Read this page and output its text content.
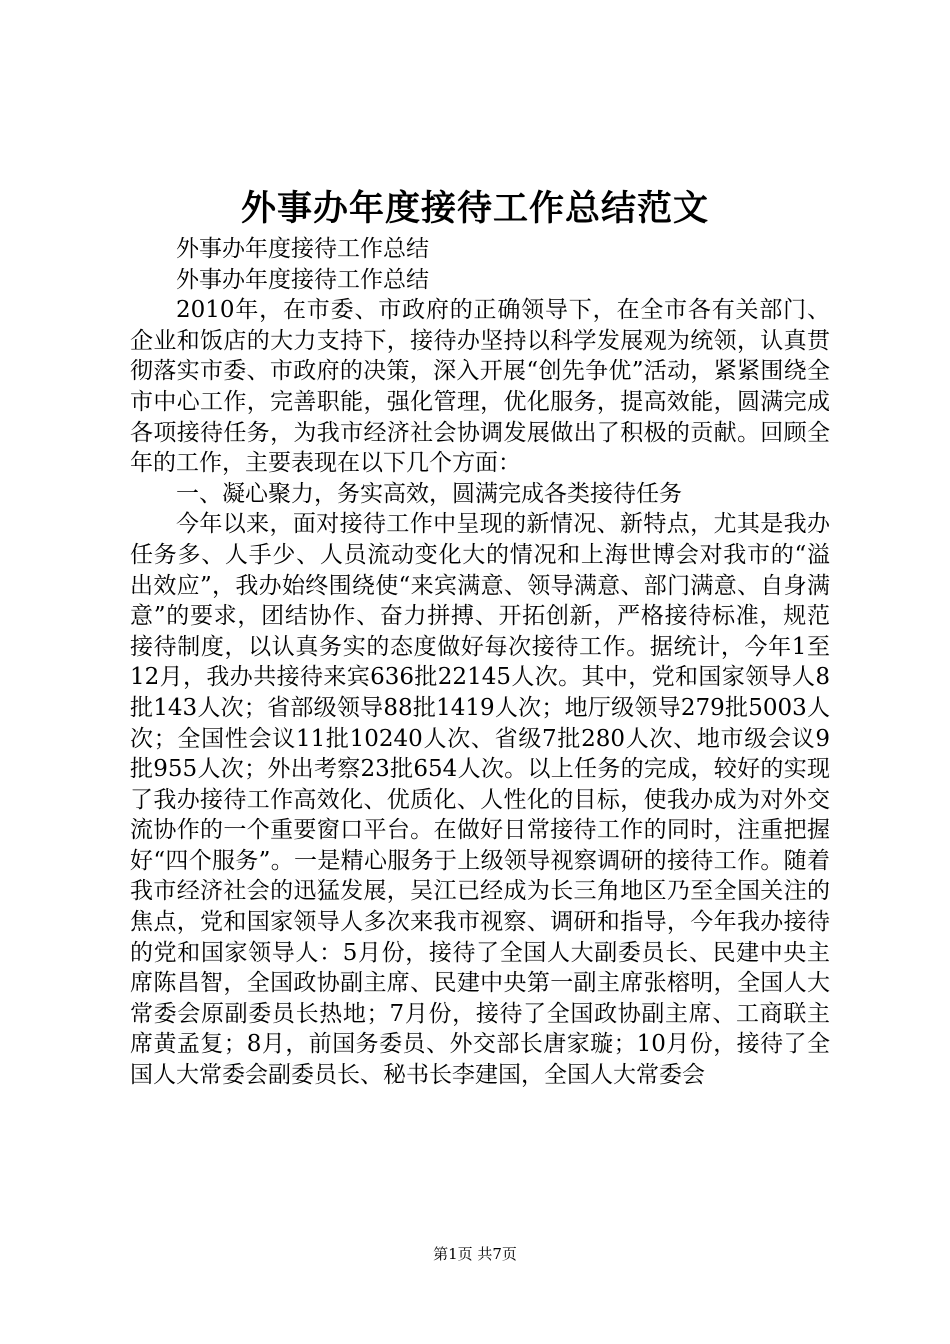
外事办年度接待工作总结范文

外事办年度接待工作总结

外事办年度接待工作总结

2010年，在市委、市政府的正确领导下，在全市各有关部门、企业和饭店的大力支持下，接待办坚持以科学发展观为统领，认真贯彻落实市委、市政府的决策，深入开展“创先争优”活动，紧紧围绕全市中心工作，完善职能，强化管理，优化服务，提高效能，圆满完成各项接待任务，为我市经济社会协调发展做出了积极的贡献。回顾全年的工作，主要表现在以下几个方面：

一、凝心聚力，务实高效，圆满完成各类接待任务

今年以来，面对接待工作中呈现的新情况、新特点，尤其是我办任务多、人手少、人员流动变化大的情况和上海世博会对我市的“溢出效应”，我办始终围绕使“来宾满意、领导满意、部门满意、自身满意”的要求，团结协作、奋力拼搏、开拓创新，严格接待标准，规范接待制度，以认真务实的态度做好每次接待工作。据统计，今年1至12月，我办共接待来宾636批22145人次。其中，党和国家领导人8批143人次；省部级领导88批1419人次；地厅级领导279批5003人次；全国性会议11批10240人次、省级7批280人次、地市级会议9批955人次；外出考察23批654人次。以上任务的完成，较好的实现了我办接待工作高效化、优质化、人性化的目标，使我办成为对外交流协作的一个重要窗口平台。在做好日常接待工作的同时，注重把握好“四个服务”。一是精心服务于上级领导视察调研的接待工作。随着我市经济社会的迅猛发展，吴江已经成为长三角地区乃至全国关注的焦点，党和国家领导人多次来我市视察、调研和指导，今年我办接待的党和国家领导人：5月份，接待了全国人大副委员长、民建中央主席陈昌智，全国政协副主席、民建中央第一副主席张榕明，全国人大常委会原副委员长热地；7月份，接待了全国政协副主席、工商联主席黄孟复；8月，前国务委员、外交部长唐家璇；10月份，接待了全国人大常委会副委员长、秘书长李建国，全国人大常委会

第1页 共7页
